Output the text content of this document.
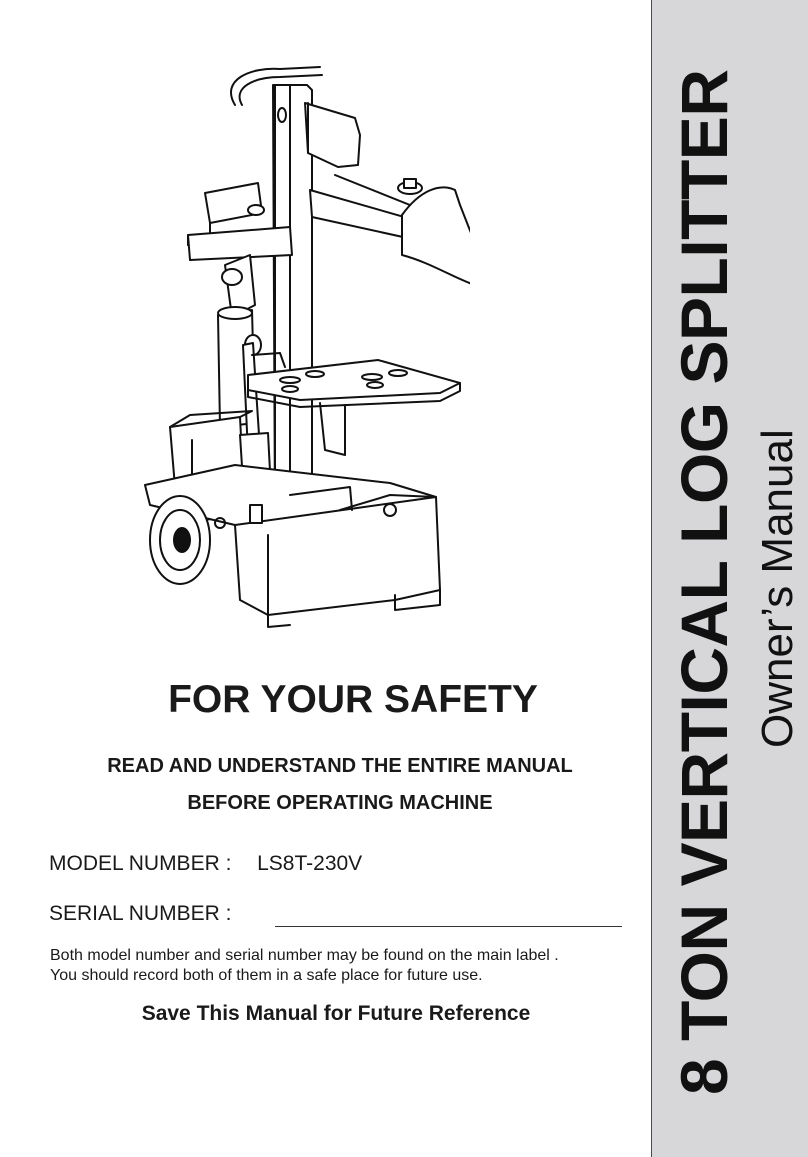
8 TON VERTICAL LOG SPLITTER Owner’s Manual
FOR YOUR SAFETY

READ AND UNDERSTAND THE ENTIRE MANUAL

BEFORE OPERATING MACHINE

MODEL NUMBER : LS8T-230V

SERIAL NUMBER :

Both model number and serial number may be found on the main label .
You should record both of them in a safe place for future use.

Save This Manual for Future Reference
